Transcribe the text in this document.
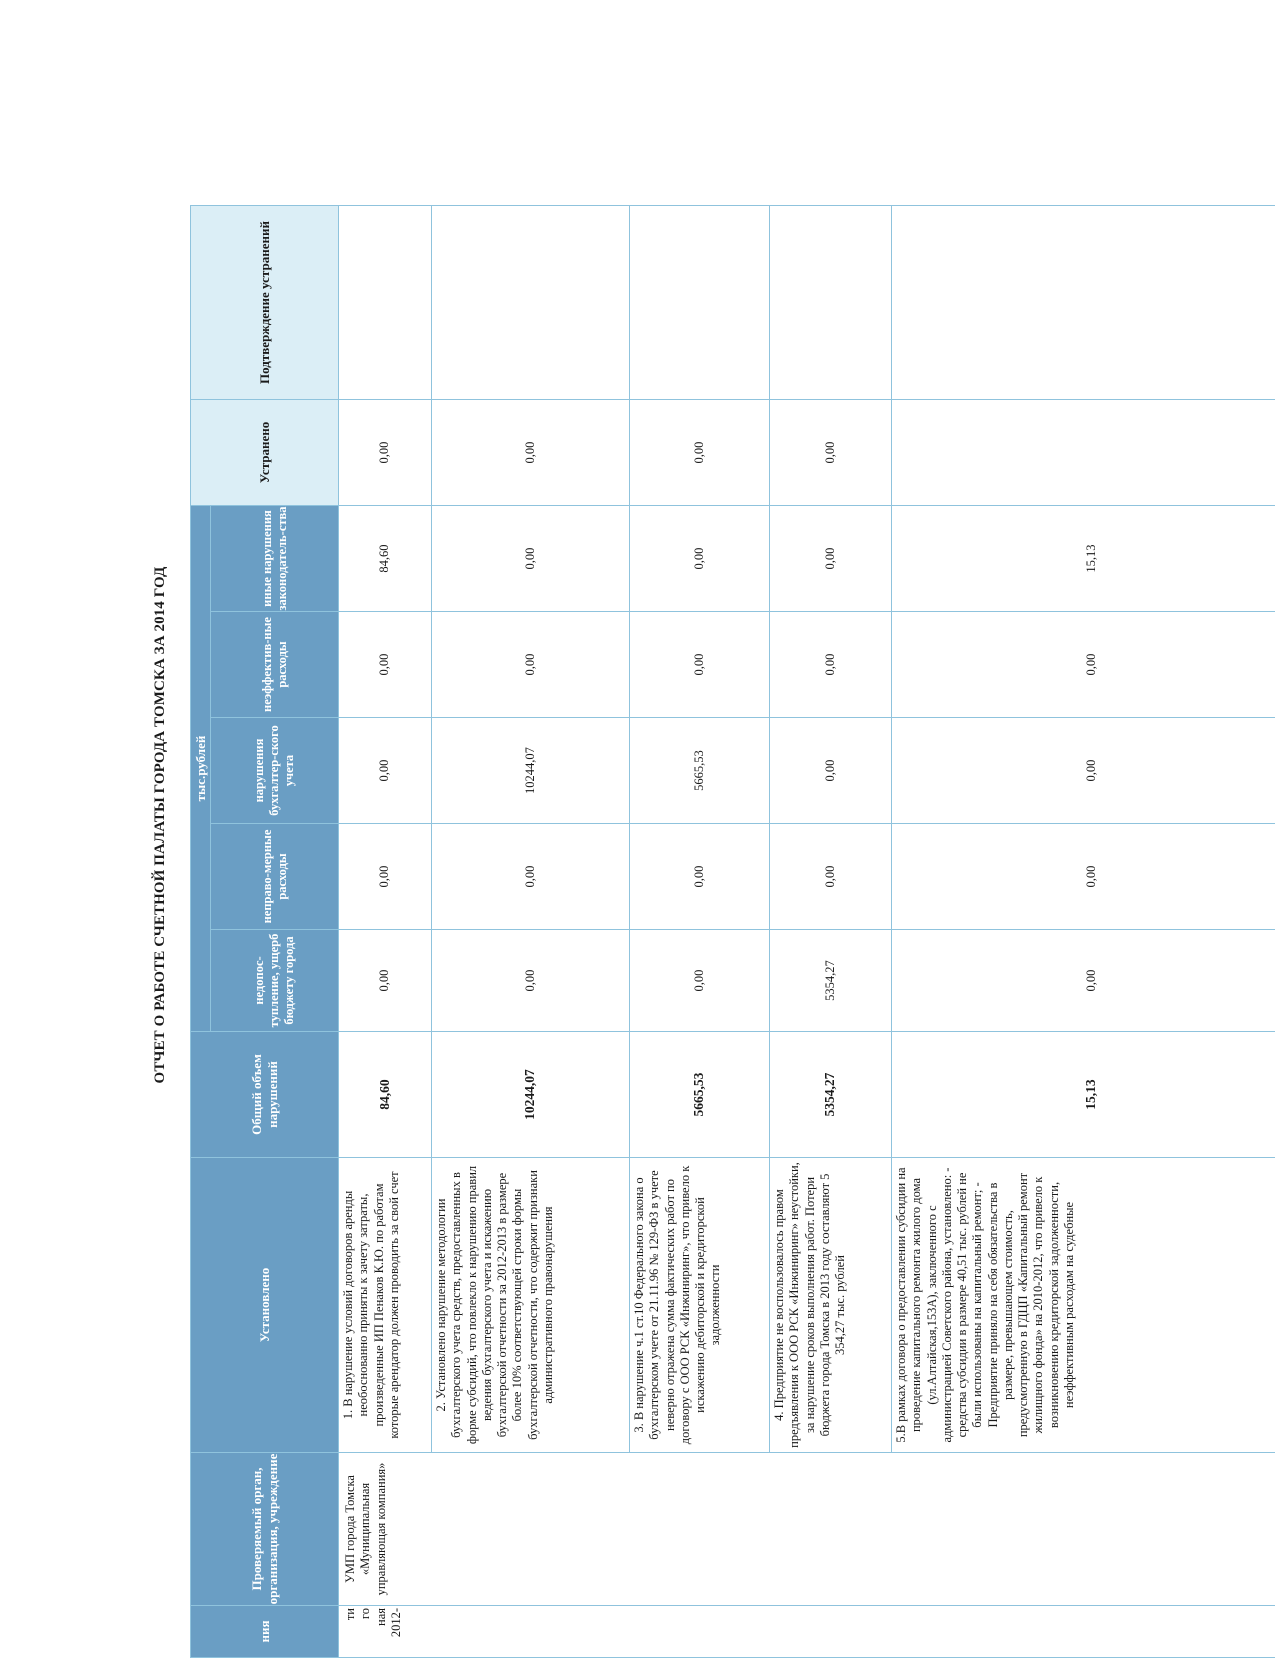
ОТЧЕТ О РАБОТЕ СЧЕТНОЙ ПАЛАТЫ ГОРОДА ТОМСКА ЗА 2014 ГОД
ния	Проверяемый орган, организация, учреждение	Установлено	Общий объем нарушений	тыс.рублей					Устранено	Подтверждение устранений
				недопос-тупление, ущерб бюджету города	неправо-мерные расходы	нарушения бухгалтер-ского учета	неэффектив-ные расходы	иные нарушения законодатель-ства		

ти го ная 2012-	УМП города Томска «Муниципальная управляющая компания»	1. В нарушение условий договоров аренды необоснованно приняты к зачету затраты, произведенные ИП Пенаков К.Ю. по работам которые арендатор должен проводить за свой счет	84,60	0,00	0,00	0,00	0,00	84,60	0,00	
		2. Установлено нарушение методологии бухгалтерского учета средств, предоставленных в форме субсидий, что повлекло к нарушению правил ведения бухгалтерского учета и искажению бухгалтерской отчетности за 2012-2013 в размере более 10% соответствующей строки формы бухгалтерской отчетности, что содержит признаки административного правонарушения	10244,07	0,00	0,00	10244,07	0,00	0,00	0,00	
		3. В нарушение ч.1 ст.10 Федерального закона о бухгалтерском учете от 21.11.96 № 129-ФЗ в учете неверно отражена сумма фактических работ по договору с ООО РСК «Инжиниринг», что привело к искажению дебиторской и кредиторской задолженности	5665,53	0,00	0,00	5665,53	0,00	0,00	0,00	
		4. Предприятие не воспользовалось правом предъявления к ООО РСК «Инжиниринг» неустойки, за нарушение сроков выполнения работ. Потери бюджета города Томска в 2013 году составляют 5 354,27 тыс. рублей	5354,27	5354,27	0,00	0,00	0,00	0,00	0,00	
		5.В рамках договора о предоставлении субсидии на проведение капитального ремонта жилого дома (ул.Алтайская,153А), заключенного с администрацией Советского района, установлено: - средства субсидии в размере 40,51 тыс. рублей не были использованы на капитальный ремонт; - Предприятие приняло на себя обязательства в размере, превышающем стоимость, предусмотренную в ГДЦП «Капитальный ремонт жилищного фонда» на 2010-2012, что привело к возникновению кредиторской задолженности, неэффективным расходам на судебные	15,13	0,00	0,00	0,00	0,00	15,13		
